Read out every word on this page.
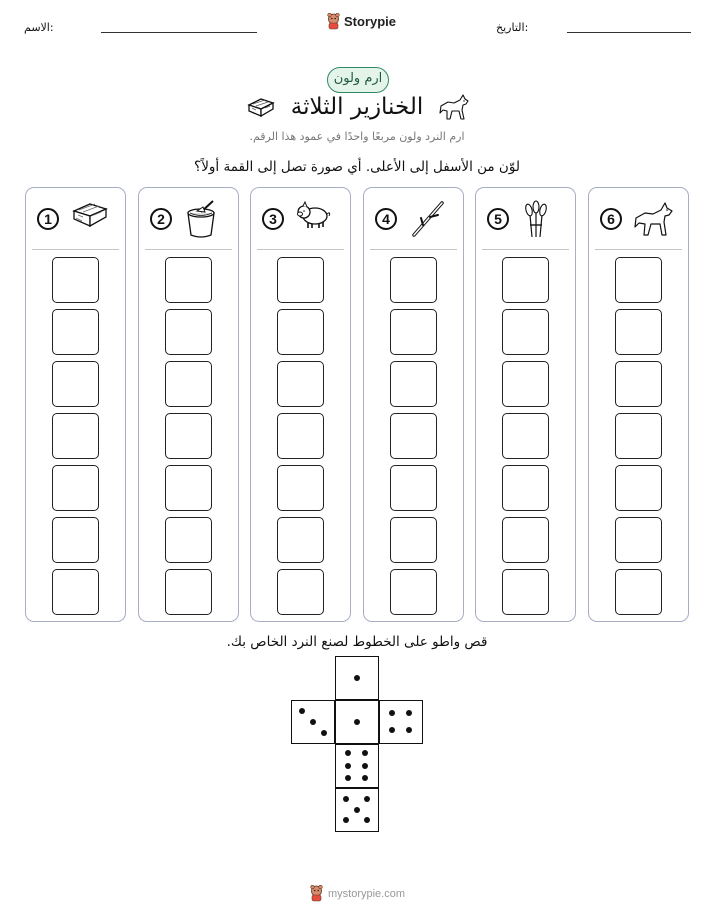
الاسم:	Storypie	التاريخ:
ارم ولون
الخنازير الثلاثة
ارم النرد ولون مربعًا واحدًا في عمود هذا الرقم.
لوّن من الأسفل إلى الأعلى. أي صورة تصل إلى القمة أولاً؟
1	2	3	4	5	6
قص واطو على الخطوط لصنع النرد الخاص بك.
mystorypie.com
